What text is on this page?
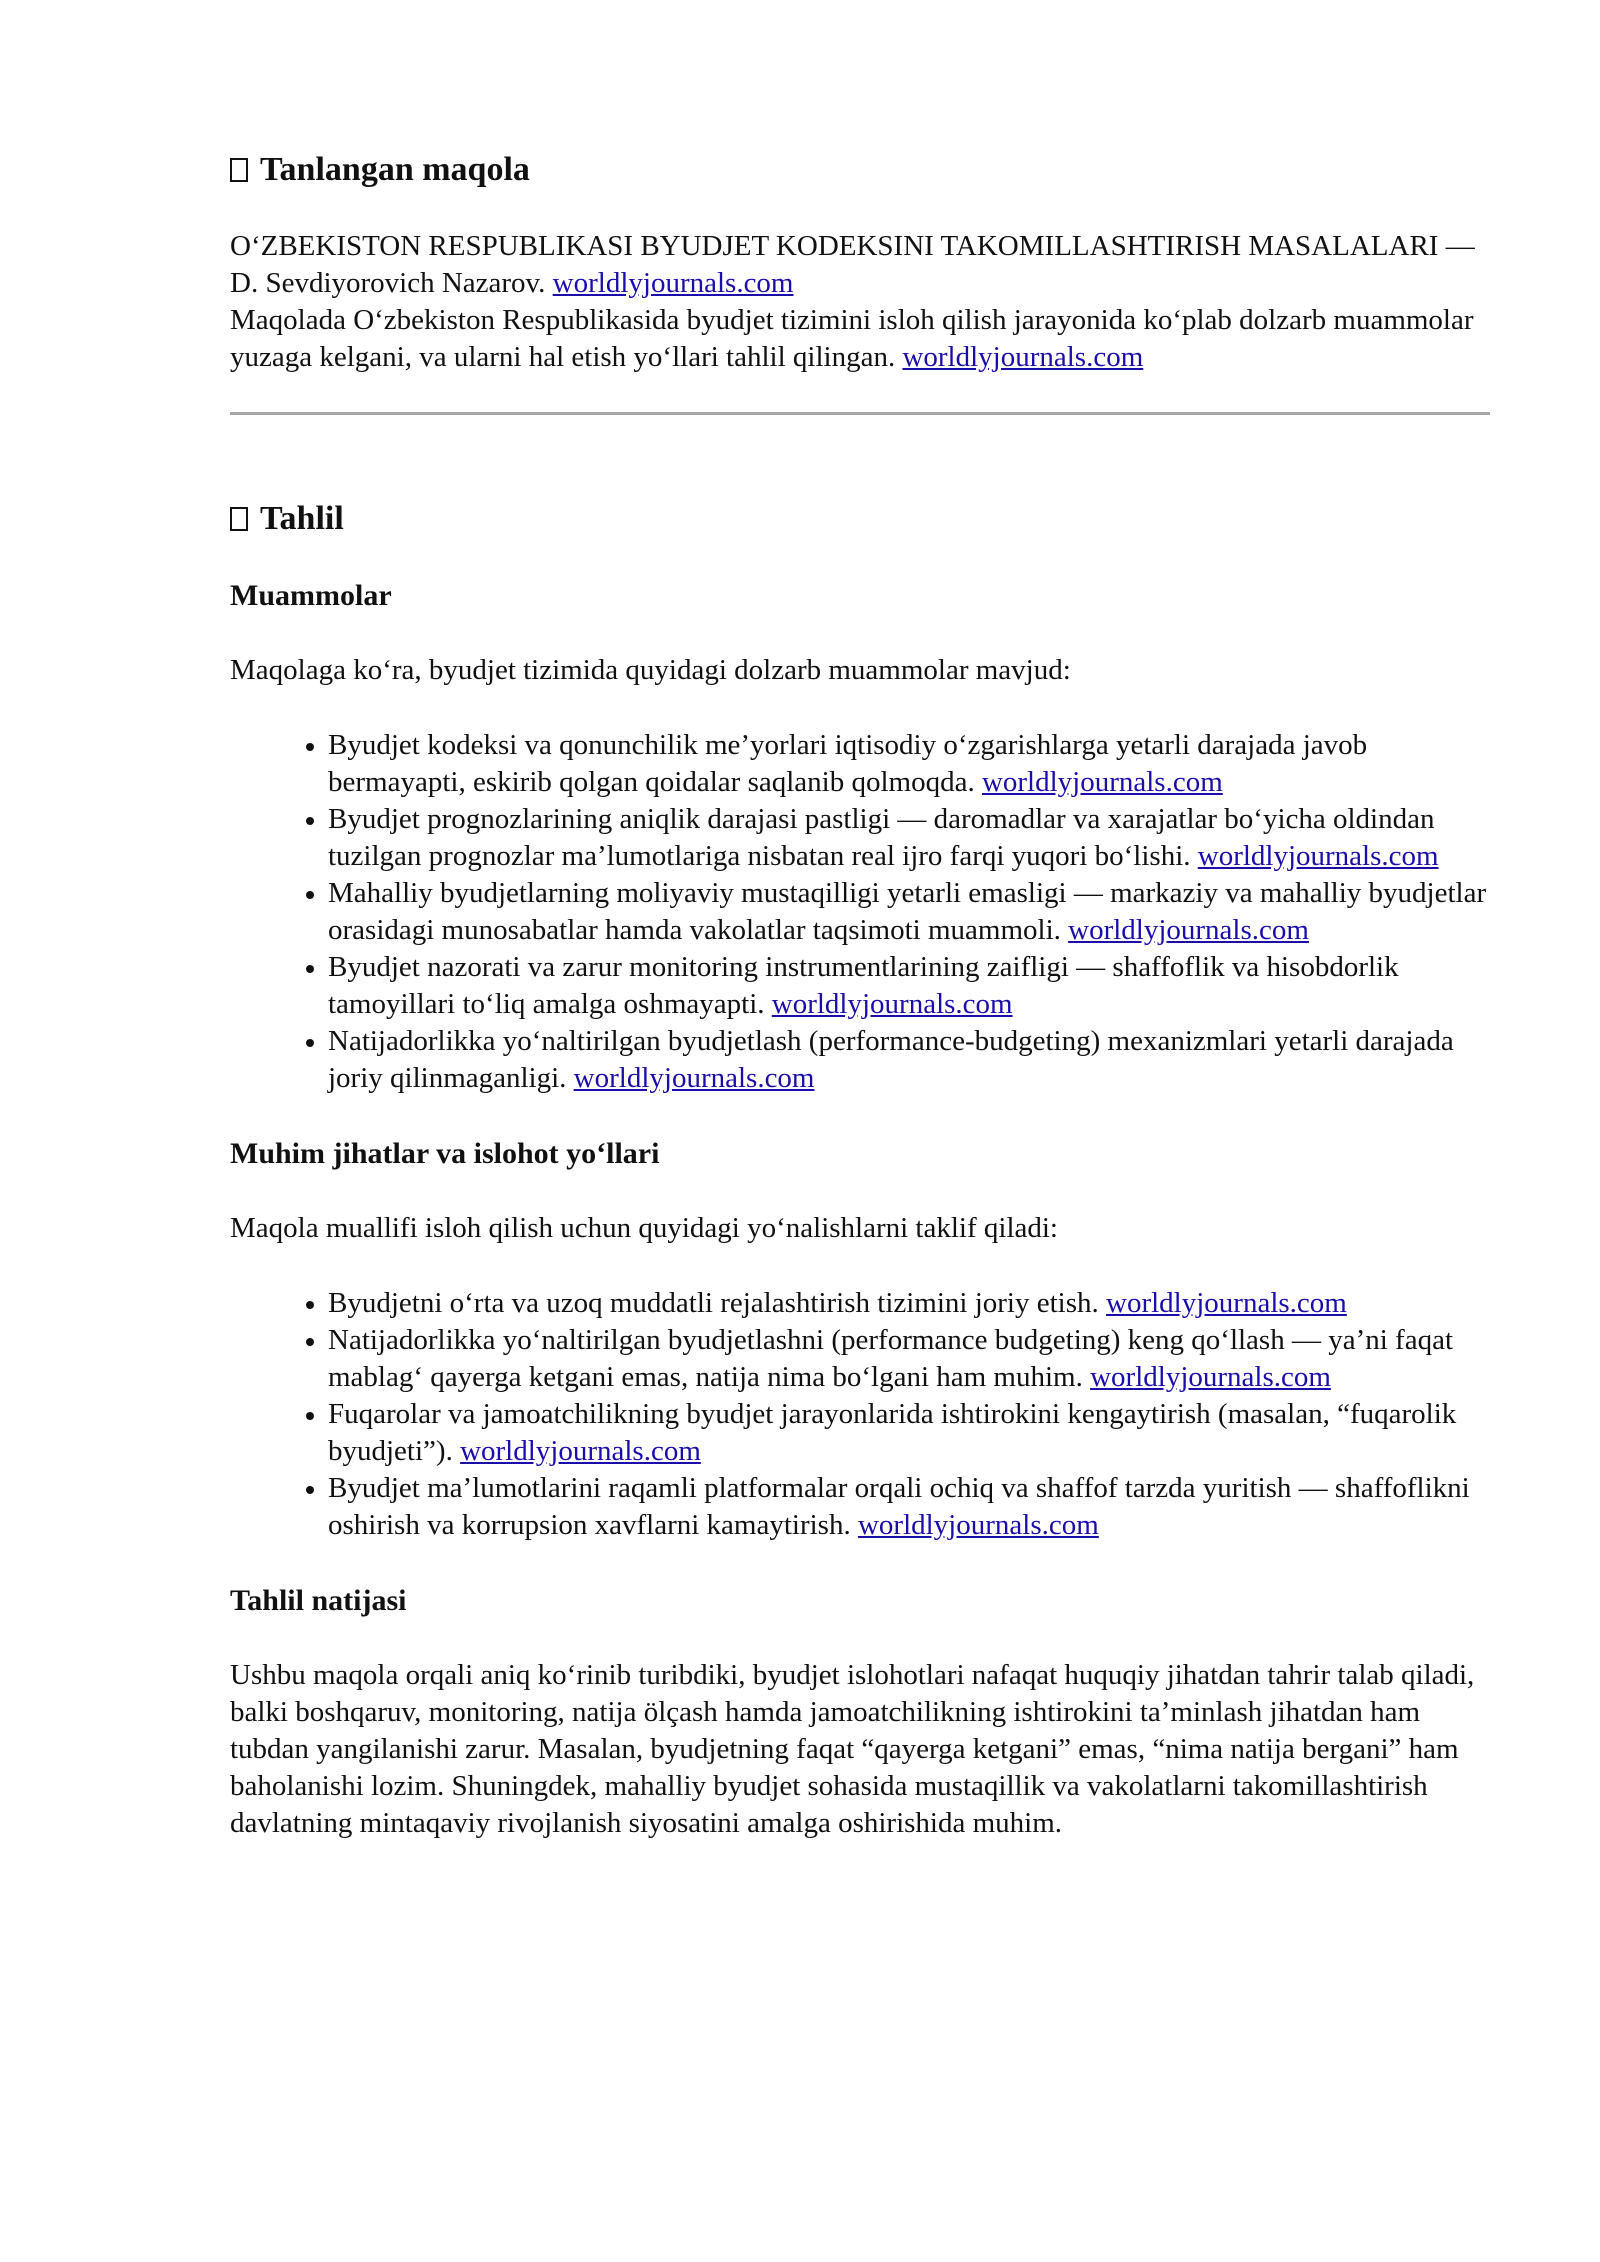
Tanlangan maqola

O‘ZBEKISTON RESPUBLIKASI BYUDJET KODEKSINI TAKOMILLASHTIRISH MASALALARI — D. Sevdiyorovich Nazarov. worldlyjournals.com

Maqolada O‘zbekiston Respublikasida byudjet tizimini isloh qilish jarayonida ko‘plab dolzarb muammolar yuzaga kelgani, va ularni hal etish yo‘llari tahlil qilingan. worldlyjournals.com

Tahlil
Muammolar

Maqolaga ko‘ra, byudjet tizimida quyidagi dolzarb muammolar mavjud:

• Byudjet kodeksi va qonunchilik me’yorlari iqtisodiy o‘zgarishlarga yetarli darajada javob bermayapti, eskirib qolgan qoidalar saqlanib qolmoqda. worldlyjournals.com
• Byudjet prognozlarining aniqlik darajasi pastligi — daromadlar va xarajatlar bo‘yicha oldindan tuzilgan prognozlar ma’lumotlariga nisbatan real ijro farqi yuqori bo‘lishi. worldlyjournals.com
• Mahalliy byudjetlarning moliyaviy mustaqilligi yetarli emasligi — markaziy va mahalliy byudjetlar orasidagi munosabatlar hamda vakolatlar taqsimoti muammoli. worldlyjournals.com
• Byudjet nazorati va zarur monitoring instrumentlarining zaifligi — shaffoflik va hisobdorlik tamoyillari to‘liq amalga oshmayapti. worldlyjournals.com
• Natijadorlikka yo‘naltirilgan byudjetlash (performance-budgeting) mexanizmlari yetarli darajada joriy qilinmaganligi. worldlyjournals.com
Muhim jihatlar va islohot yo‘llari

Maqola muallifi isloh qilish uchun quyidagi yo‘nalishlarni taklif qiladi:

• Byudjetni o‘rta va uzoq muddatli rejalashtirish tizimini joriy etish. worldlyjournals.com
• Natijadorlikka yo‘naltirilgan byudjetlashni (performance budgeting) keng qo‘llash — ya’ni faqat mablag‘ qayerga ketgani emas, natija nima bo‘lgani ham muhim. worldlyjournals.com
• Fuqarolar va jamoatchilikning byudjet jarayonlarida ishtirokini kengaytirish (masalan, “fuqarolik byudjeti”). worldlyjournals.com
• Byudjet ma’lumotlarini raqamli platformalar orqali ochiq va shaffof tarzda yuritish — shaffoflikni oshirish va korrupsion xavflarni kamaytirish. worldlyjournals.com
Tahlil natijasi

Ushbu maqola orqali aniq ko‘rinib turibdiki, byudjet islohotlari nafaqat huquqiy jihatdan tahrir talab qiladi, balki boshqaruv, monitoring, natija ölçash hamda jamoatchilikning ishtirokini ta’minlash jihatdan ham tubdan yangilanishi zarur. Masalan, byudjetning faqat “qayerga ketgani” emas, “nima natija bergani” ham baholanishi lozim. Shuningdek, mahalliy byudjet sohasida mustaqillik va vakolatlarni takomillashtirish davlatning mintaqaviy rivojlanish siyosatini amalga oshirishida muhim.
